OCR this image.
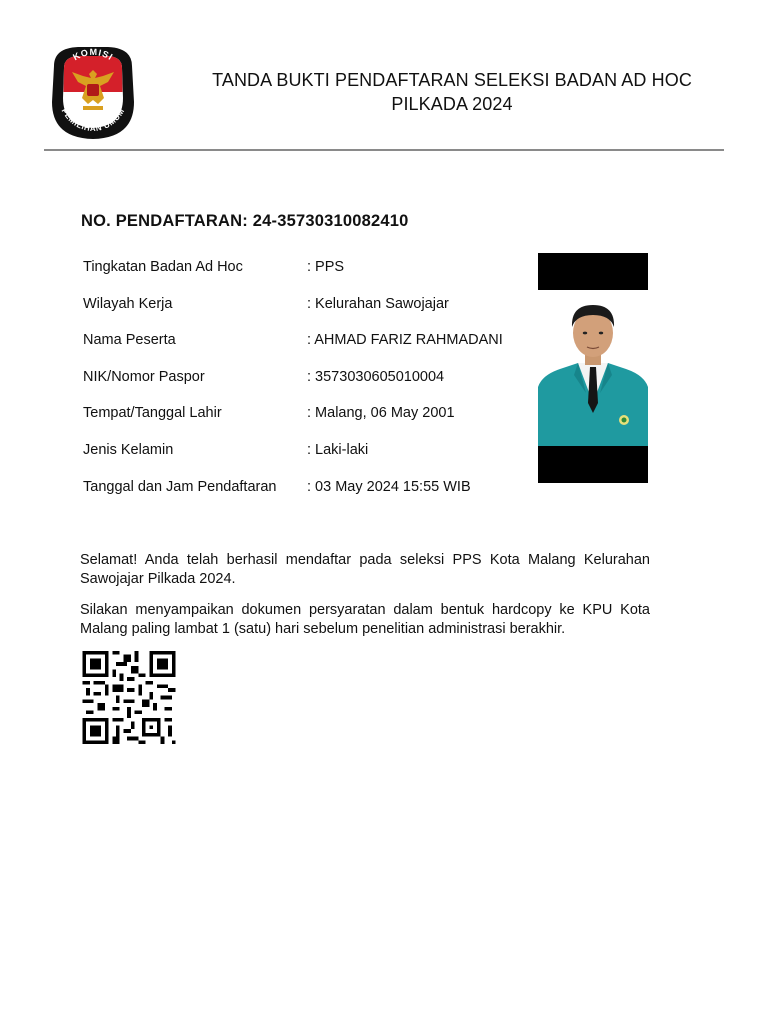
KOMISI
PEMILIHAN UMUM
TANDA BUKTI PENDAFTARAN SELEKSI BADAN AD HOC
PILKADA 2024
NO. PENDAFTARAN: 24-35730310082410
Tingkatan Badan Ad Hoc	: PPS
Wilayah Kerja	: Kelurahan Sawojajar
Nama Peserta	: AHMAD FARIZ RAHMADANI
NIK/Nomor Paspor	: 3573030605010004
Tempat/Tanggal Lahir	: Malang, 06 May 2001
Jenis Kelamin	: Laki-laki
Tanggal dan Jam Pendaftaran : 03 May 2024 15:55 WIB
Selamat! Anda telah berhasil mendaftar pada seleksi PPS Kota Malang Kelurahan Sawojajar Pilkada 2024.
Silakan menyampaikan dokumen persyaratan dalam bentuk hardcopy ke KPU Kota Malang paling lambat 1 (satu) hari sebelum penelitian administrasi berakhir.
